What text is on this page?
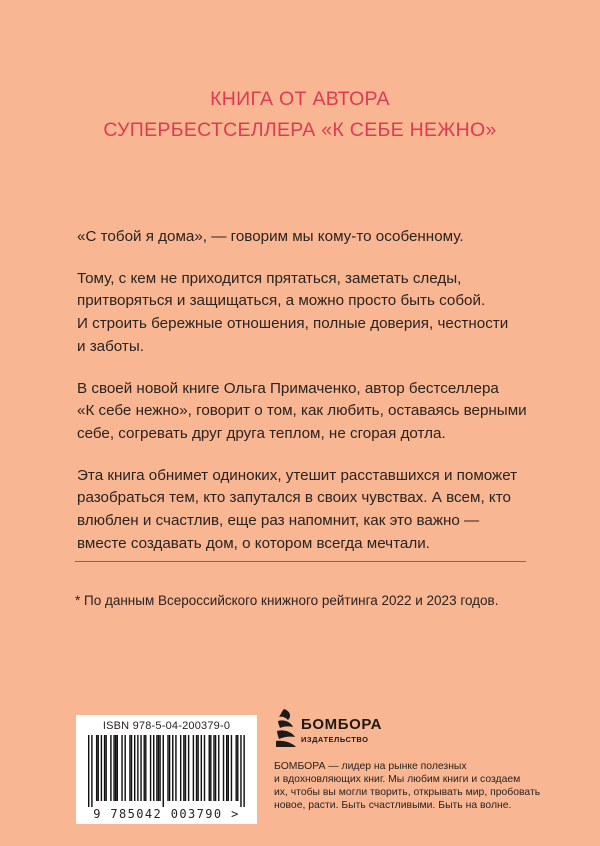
КНИГА ОТ АВТОРА
СУПЕРБЕСТСЕЛЛЕРА «К СЕБЕ НЕЖНО»

«С тобой я дома», — говорим мы кому-то особенному.

Тому, с кем не приходится прятаться, заметать следы,
притворяться и защищаться, а можно просто быть собой.
И строить бережные отношения, полные доверия, честности
и заботы.

В своей новой книге Ольга Примаченко, автор бестселлера
«К себе нежно», говорит о том, как любить, оставаясь верными
себе, согревать друг друга теплом, не сгорая дотла.

Эта книга обнимет одиноких, утешит расставшихся и поможет
разобраться тем, кто запутался в своих чувствах. А всем, кто
влюблен и счастлив, еще раз напомнит, как это важно —
вместе создавать дом, о котором всегда мечтали.

* По данным Всероссийского книжного рейтинга 2022 и 2023 годов.
ISBN 978-5-04-200379-0
9 785042 003790 >
БОМБОРА
ИЗДАТЕЛЬСТВО
БОМБОРА — лидер на рынке полезных
и вдохновляющих книг. Мы любим книги и создаем
их, чтобы вы могли творить, открывать мир, пробовать
новое, расти. Быть счастливыми. Быть на волне.
